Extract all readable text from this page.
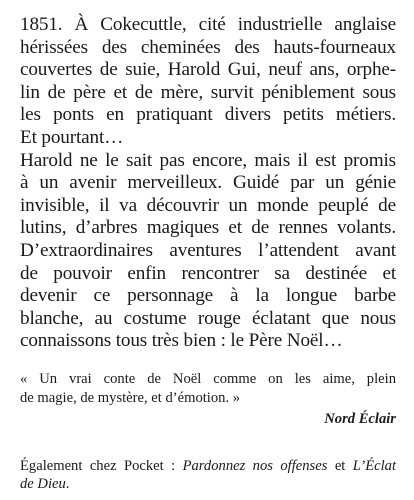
1851. À Cokecuttle, cité industrielle anglaise

hérissées des cheminées des hauts-fourneaux

couvertes de suie, Harold Gui, neuf ans, orphe-

lin de père et de mère, survit péniblement sous

les ponts en pratiquant divers petits métiers.

Et pourtant…

Harold ne le sait pas encore, mais il est promis

à un avenir merveilleux. Guidé par un génie

invisible, il va découvrir un monde peuplé de

lutins, d’arbres magiques et de rennes volants.

D’extraordinaires aventures l’attendent avant

de pouvoir enfin rencontrer sa destinée et

devenir ce personnage à la longue barbe

blanche, au costume rouge éclatant que nous

connaissons tous très bien : le Père Noël…

« Un vrai conte de Noël comme on les aime, plein
de magie, de mystère, et d’émotion. »
Nord Éclair
Également chez Pocket : Pardonnez nos offenses et L’Éclat
de Dieu.
